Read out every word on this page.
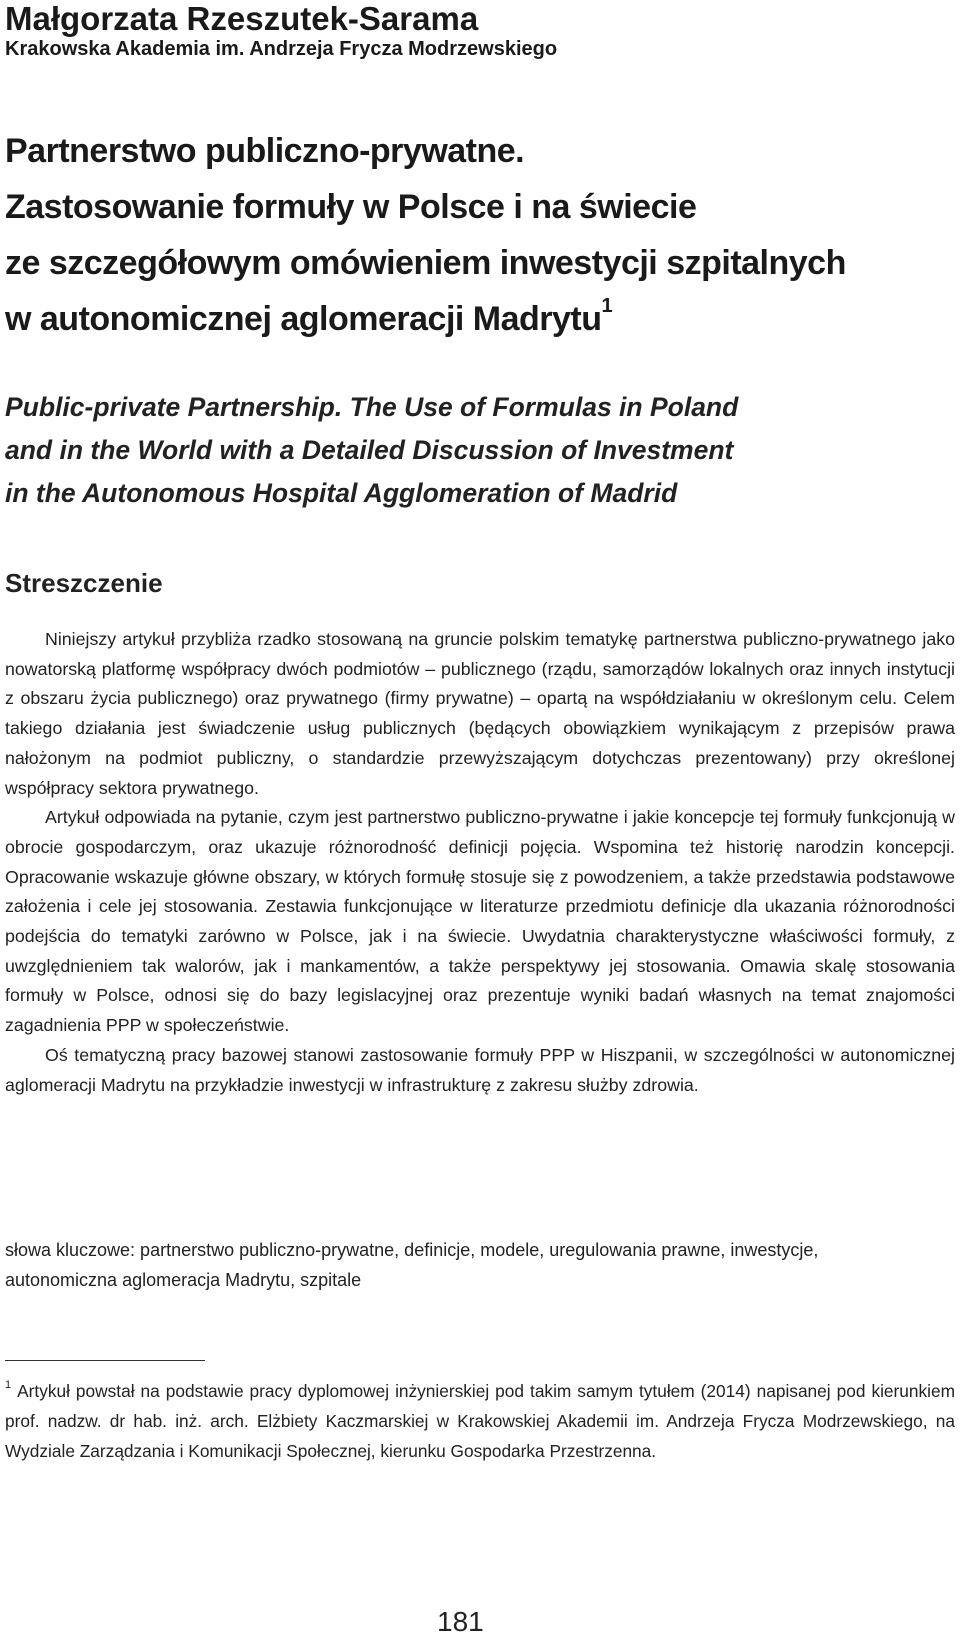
Małgorzata Rzeszutek-Sarama
Krakowska Akademia im. Andrzeja Frycza Modrzewskiego
Partnerstwo publiczno-prywatne.
Zastosowanie formuły w Polsce i na świecie
ze szczegółowym omówieniem inwestycji szpitalnych
w autonomicznej aglomeracji Madrytu$^1$
Public-private Partnership. The Use of Formulas in Poland
and in the World with a Detailed Discussion of Investment
in the Autonomous Hospital Agglomeration of Madrid
Streszczenie

Niniejszy artykuł przybliża rzadko stosowaną na gruncie polskim tematykę partnerstwa publiczno-prywatnego jako nowatorską platformę współpracy dwóch podmiotów – publicznego (rządu, samorządów lokalnych oraz innych instytucji z obszaru życia publicznego) oraz prywatnego (firmy prywatne) – opartą na współdziałaniu w określonym celu. Celem takiego działania jest świadczenie usług publicznych (będących obowiązkiem wynikającym z przepisów prawa nałożonym na podmiot publiczny, o standardzie przewyższającym dotychczas prezentowany) przy określonej współpracy sektora prywatnego.

Artykuł odpowiada na pytanie, czym jest partnerstwo publiczno-prywatne i jakie koncepcje tej formuły funkcjonują w obrocie gospodarczym, oraz ukazuje różnorodność definicji pojęcia. Wspomina też historię narodzin koncepcji. Opracowanie wskazuje główne obszary, w których formułę stosuje się z powodzeniem, a także przedstawia podstawowe założenia i cele jej stosowania. Zestawia funkcjonujące w literaturze przedmiotu definicje dla ukazania różnorodności podejścia do tematyki zarówno w Polsce, jak i na świecie. Uwydatnia charakterystyczne właściwości formuły, z uwzględnieniem tak walorów, jak i mankamentów, a także perspektywy jej stosowania. Omawia skalę stosowania formuły w Polsce, odnosi się do bazy legislacyjnej oraz prezentuje wyniki badań własnych na temat znajomości zagadnienia PPP w społeczeństwie.

Oś tematyczną pracy bazowej stanowi zastosowanie formuły PPP w Hiszpanii, w szczególności w autonomicznej aglomeracji Madrytu na przykładzie inwestycji w infrastrukturę z zakresu służby zdrowia.

słowa kluczowe: partnerstwo publiczno-prywatne, definicje, modele, uregulowania prawne, inwestycje, autonomiczna aglomeracja Madrytu, szpitale
$^1$ Artykuł powstał na podstawie pracy dyplomowej inżynierskiej pod takim samym tytułem (2014) napisanej pod kierunkiem prof. nadzw. dr hab. inż. arch. Elżbiety Kaczmarskiej w Krakowskiej Akademii im. Andrzeja Frycza Modrzewskiego, na Wydziale Zarządzania i Komunikacji Społecznej, kierunku Gospodarka Przestrzenna.
181
